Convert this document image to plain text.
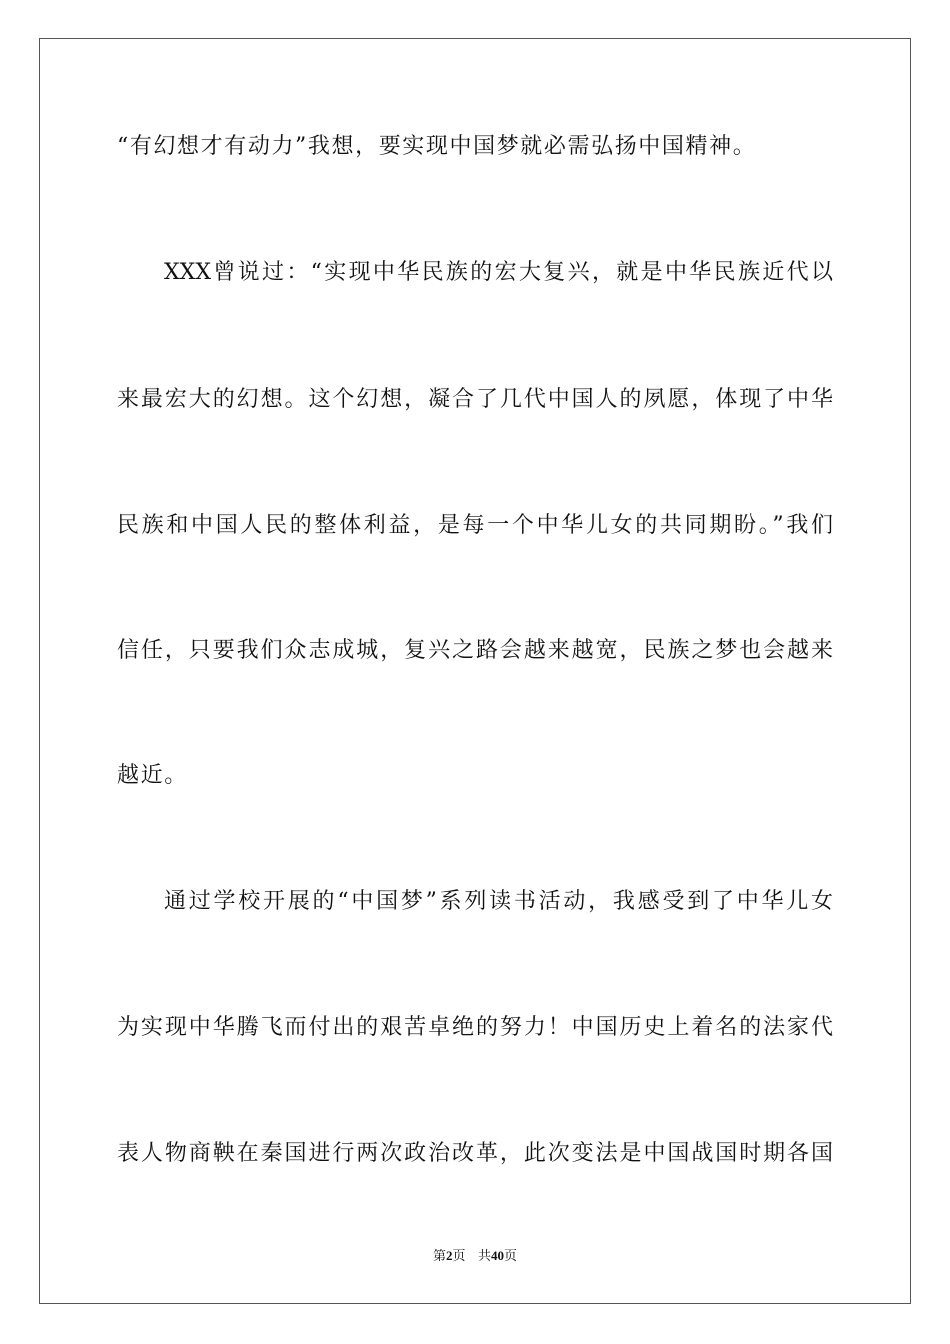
“有幻想才有动力”我想，要实现中国梦就必需弘扬中国精神。
XXX曾说过：“实现中华民族的宏大复兴，就是中华民族近代以
来最宏大的幻想。这个幻想，凝合了几代中国人的夙愿，体现了中华
民族和中国人民的整体利益，是每一个中华儿女的共同期盼。”我们
信任，只要我们众志成城，复兴之路会越来越宽，民族之梦也会越来
越近。
通过学校开展的“中国梦”系列读书活动，我感受到了中华儿女
为实现中华腾飞而付出的艰苦卓绝的努力！中国历史上着名的法家代
表人物商鞅在秦国进行两次政治改革，此次变法是中国战国时期各国
第2页 共40页
